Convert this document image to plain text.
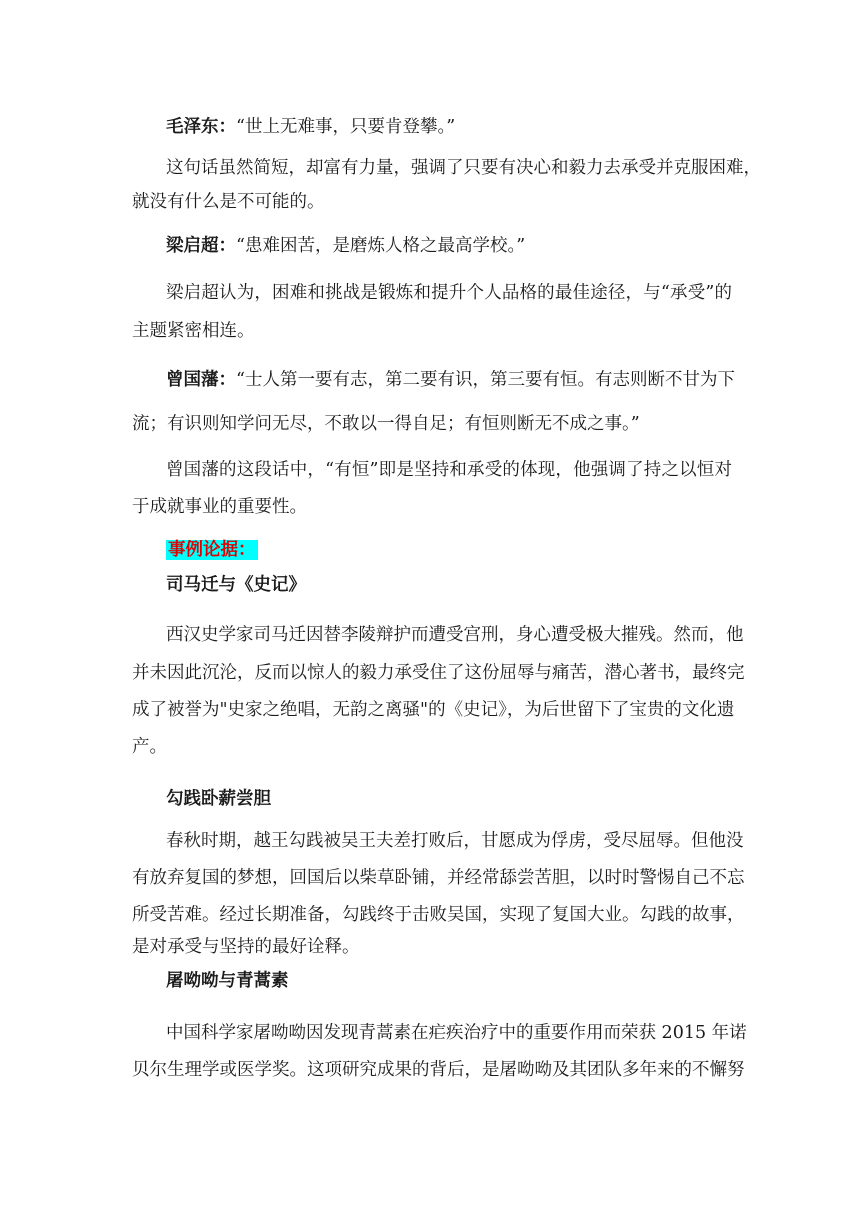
毛泽东：“世上无难事，只要肯登攀。”
这句话虽然简短，却富有力量，强调了只要有决心和毅力去承受并克服困难，
就没有什么是不可能的。
梁启超：“患难困苦，是磨炼人格之最高学校。”
梁启超认为，困难和挑战是锻炼和提升个人品格的最佳途径，与“承受”的
主题紧密相连。
曾国藩：“士人第一要有志，第二要有识，第三要有恒。有志则断不甘为下
流；有识则知学问无尽，不敢以一得自足；有恒则断无不成之事。”
曾国藩的这段话中，“有恒”即是坚持和承受的体现，他强调了持之以恒对
于成就事业的重要性。
事例论据：
司马迁与《史记》
西汉史学家司马迁因替李陵辩护而遭受宫刑，身心遭受极大摧残。然而，他
并未因此沉沦，反而以惊人的毅力承受住了这份屈辱与痛苦，潜心著书，最终完
成了被誉为"史家之绝唱，无韵之离骚"的《史记》，为后世留下了宝贵的文化遗
产。
勾践卧薪尝胆
春秋时期，越王勾践被吴王夫差打败后，甘愿成为俘虏，受尽屈辱。但他没
有放弃复国的梦想，回国后以柴草卧铺，并经常舔尝苦胆，以时时警惕自己不忘
所受苦难。经过长期准备，勾践终于击败吴国，实现了复国大业。勾践的故事，
是对承受与坚持的最好诠释。
屠呦呦与青蒿素
中国科学家屠呦呦因发现青蒿素在疟疾治疗中的重要作用而荣获 2015 年诺
贝尔生理学或医学奖。这项研究成果的背后，是屠呦呦及其团队多年来的不懈努
